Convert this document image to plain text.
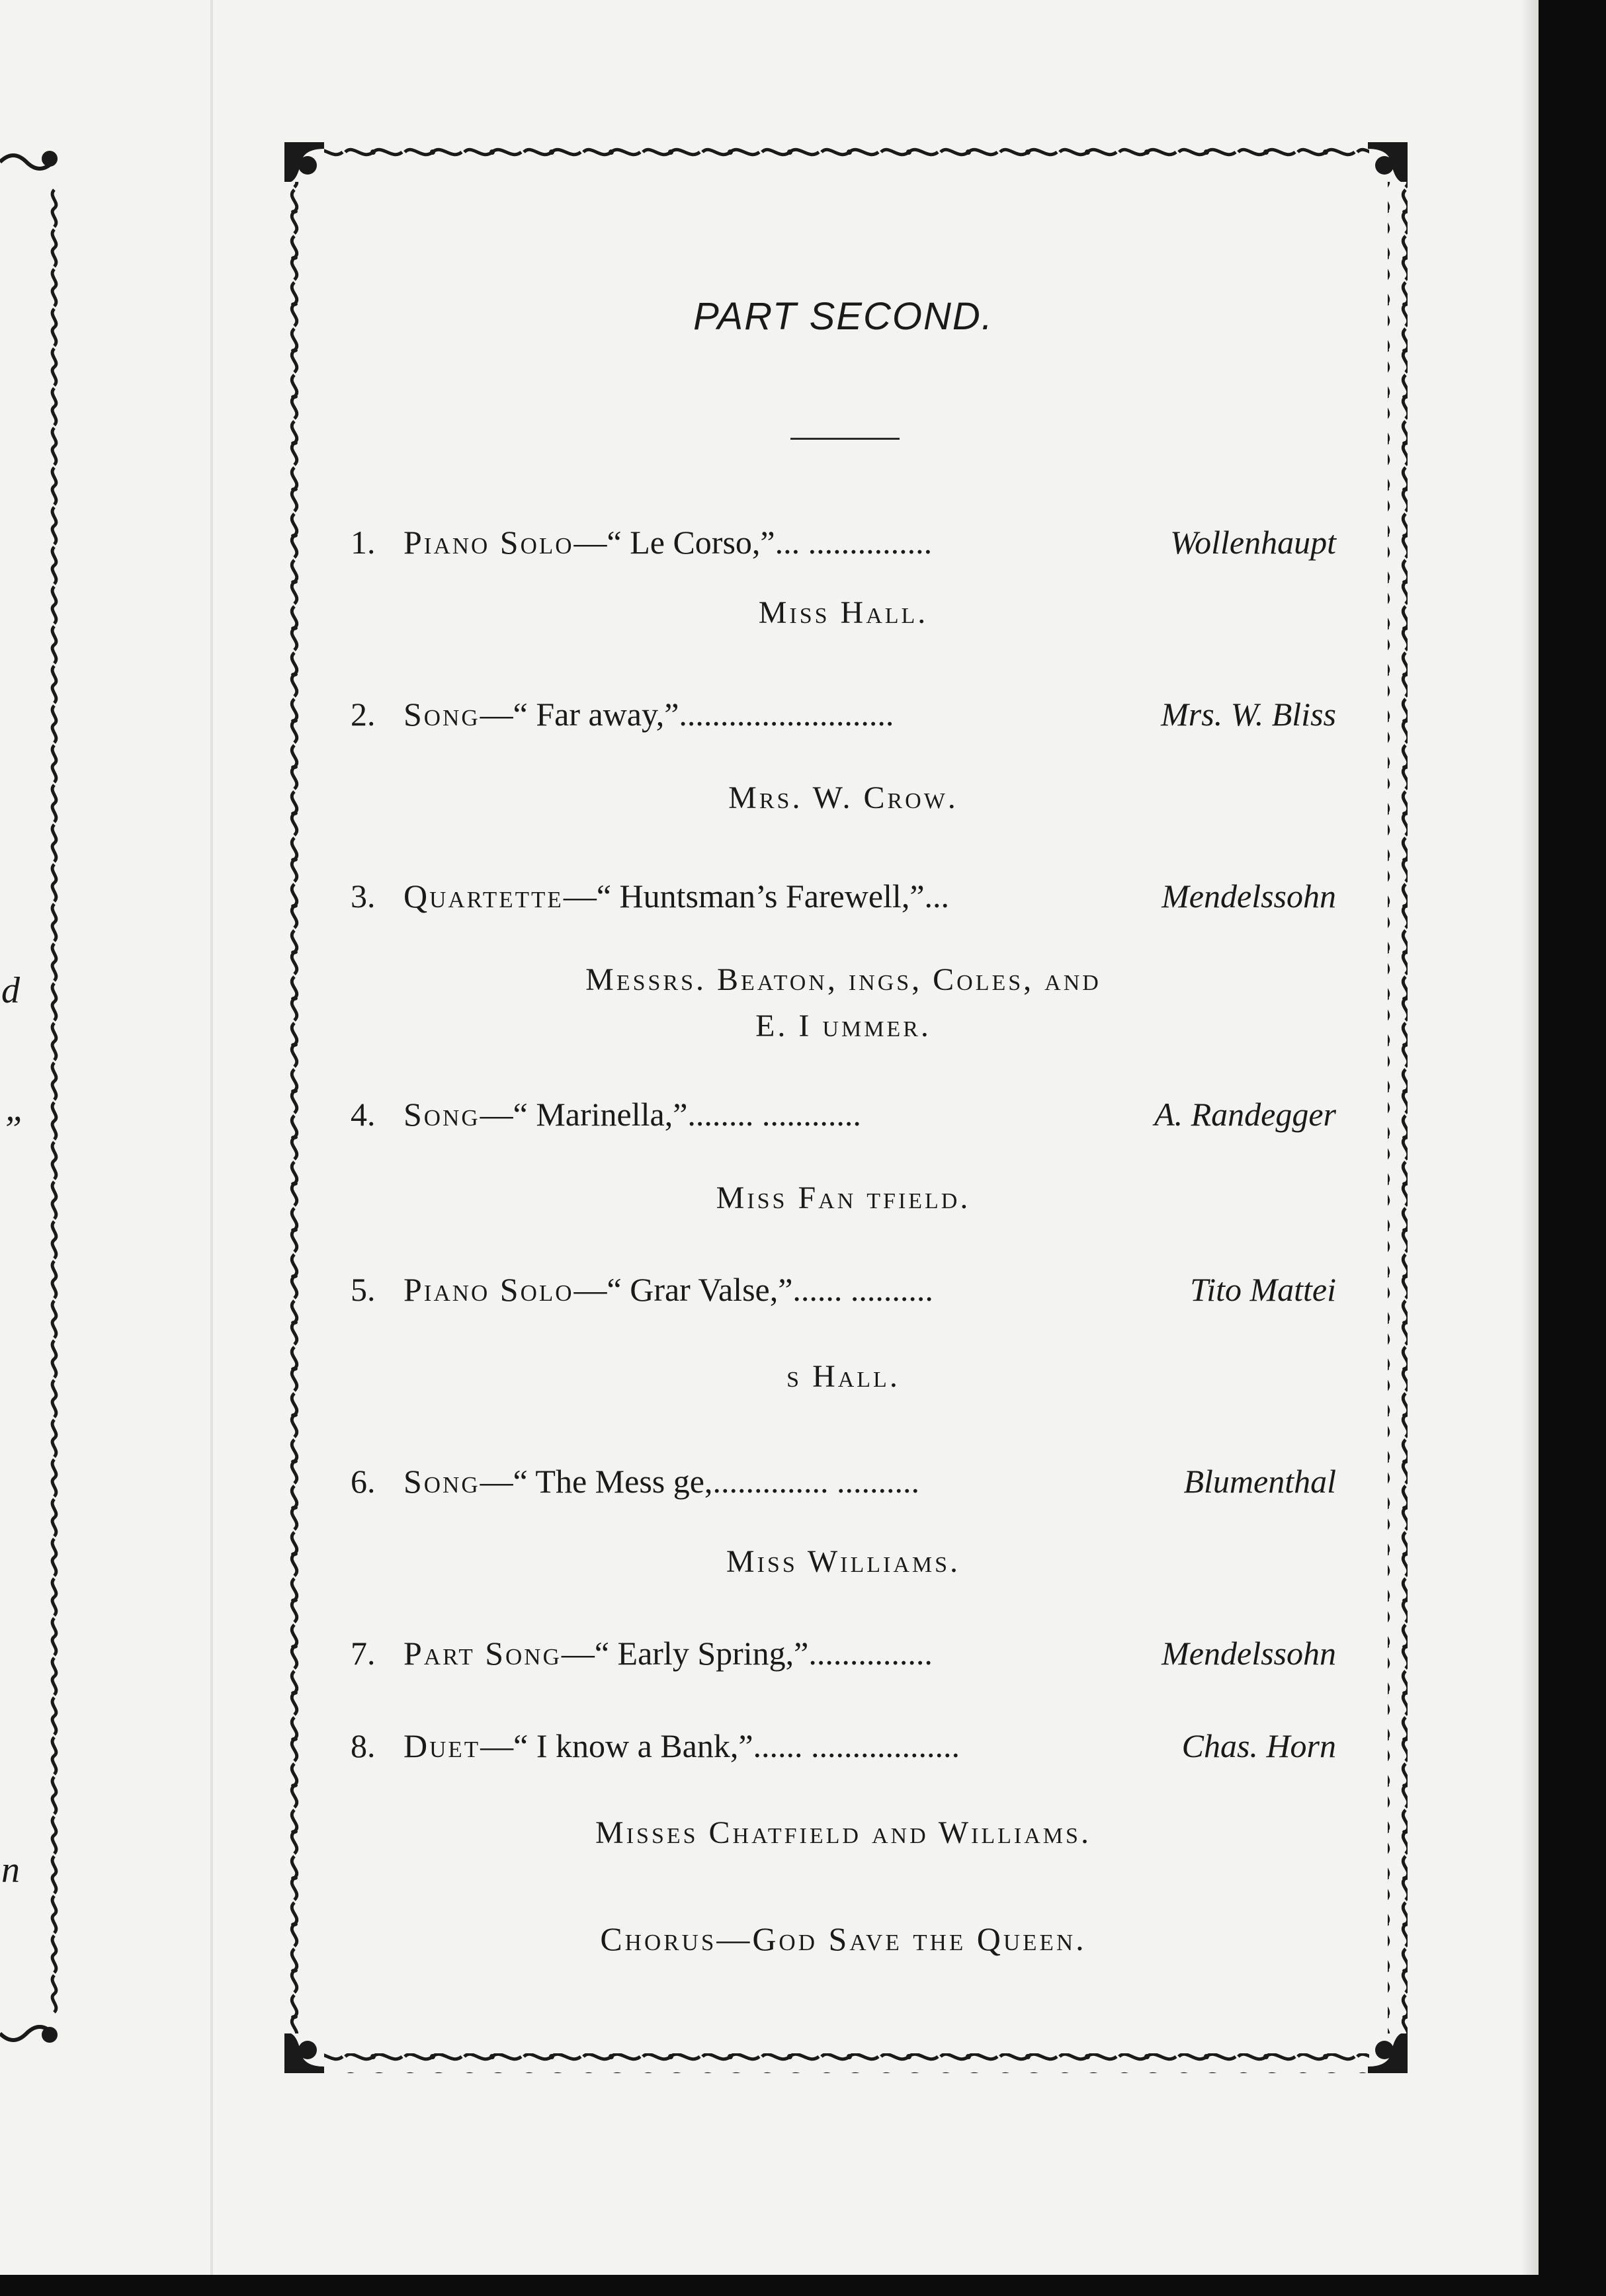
d
”
n
PART SECOND.
1. Piano Solo—“ Le Corso,”... ...............	Wollenhaupt
Miss Hall.
2. Song—“ Far away,”..........................	Mrs. W. Bliss
Mrs. W. Crow.
3. Quartette—“ Huntsman’s Farewell,”...	Mendelssohn
Messrs. Beaton, ings, Coles, and
E. I ummer.
4. Song—“ Marinella,”........ ............	A. Randegger
Miss Fan tfield.
5. Piano Solo—“ Grar Valse,”...... ..........	Tito Mattei
s Hall.
6. Song—“ The Mess ge,.............. ..........	Blumenthal
Miss Williams.
7. Part Song—“ Early Spring,”...............	Mendelssohn
8. Duet—“ I know a Bank,”...... ..................	Chas. Horn
Misses Chatfield and Williams.
Chorus—God Save the Queen.
